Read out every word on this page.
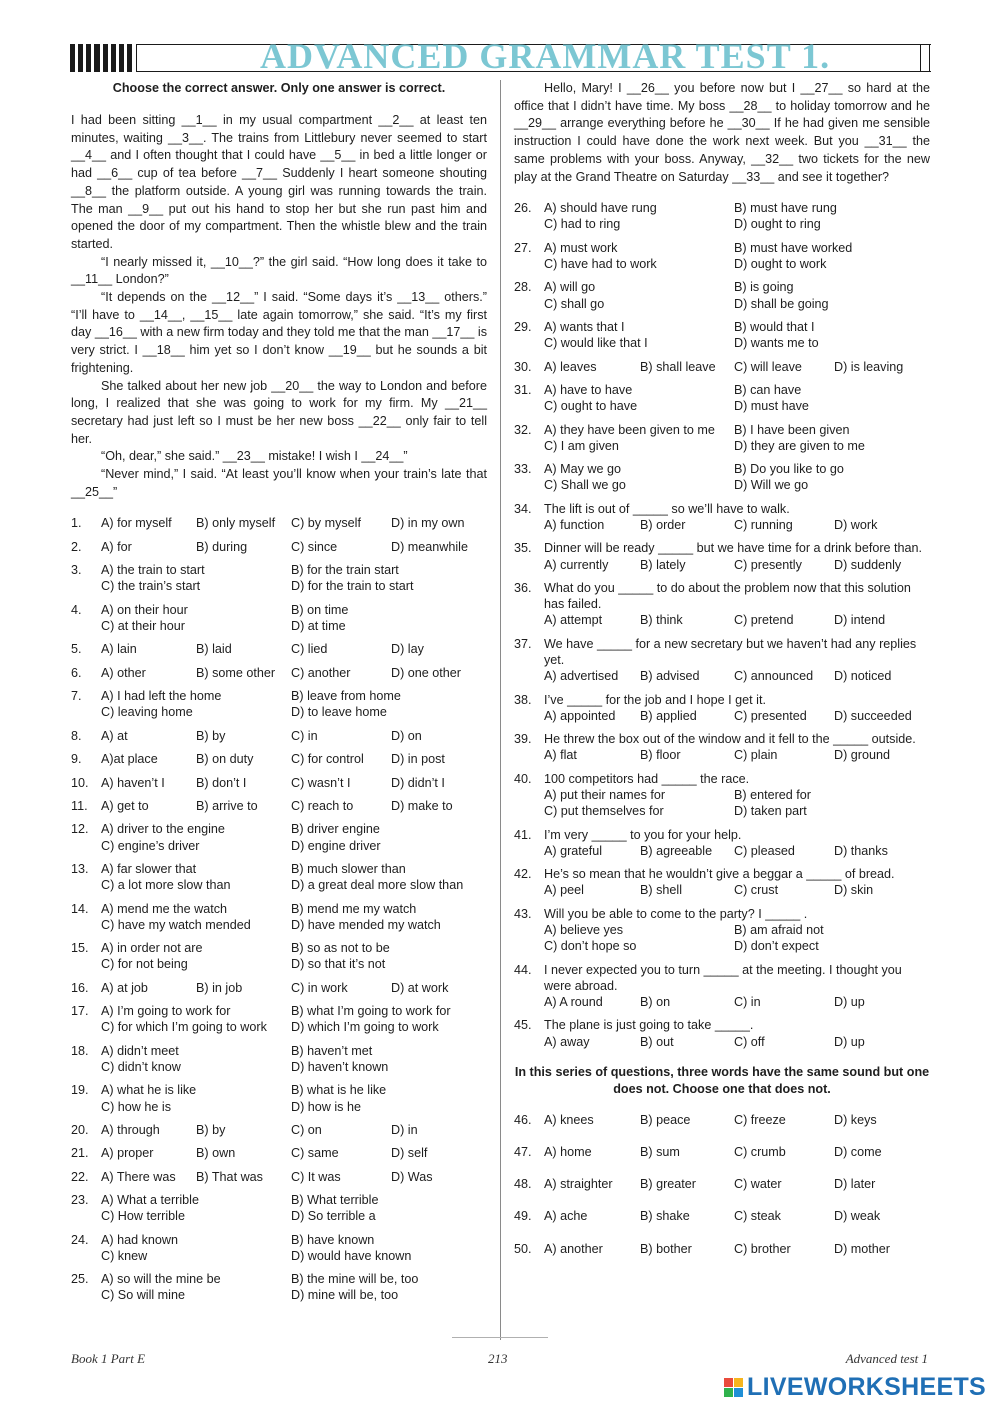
ADVANCED GRAMMAR TEST 1.
Choose the correct answer. Only one answer is correct.

I had been sitting __1__ in my usual compartment __2__ at least ten minutes, waiting __3__. The trains from Littlebury never seemed to start __4__ and I often thought that I could have __5__ in bed a little longer or had __6__ cup of tea before __7__ Suddenly I heart someone shouting __8__ the platform outside. A young girl was running towards the train. The man __9__ put out his hand to stop her but she run past him and opened the door of my compartment. Then the whistle blew and the train started.

“I nearly missed it, __10__?” the girl said. “How long does it take to __11__ London?”

“It depends on the __12__” I said. “Some days it’s __13__ others.” “I’ll have to __14__, __15__ late again tomorrow,” she said. “It’s my first day __16__ with a new firm today and they told me that the man __17__ is very strict. I __18__ him yet so I don’t know __19__ but he sounds a bit frightening.

She talked about her new job __20__ the way to London and before long, I realized that she was going to work for my firm. My __21__ secretary had just left so I must be her new boss __22__ only fair to tell her.

“Oh, dear,” she said.” __23__ mistake! I wish I __24__”

“Never mind,” I said. “At least you’ll know when your train’s late that __25__”

1.	A) for myself	B) only myself	C) by myself	D) in my own
2.	A) for	B) during	C) since	D) meanwhile
3.	A) the train to start	B) for the train start
C) the train’s start	D) for the train to start
4.	A) on their hour	B) on time
C) at their hour	D) at time
5.	A) lain	B) laid	C) lied	D) lay
6.	A) other	B) some other	C) another	D) one other
7.	A) I had left the home	B) leave from home
C) leaving home	D) to leave home
8.	A) at	B) by	C) in	D) on
9.	A)at place	B) on duty	C) for control	D) in post
10. A) haven’t I	B) don’t I	C) wasn’t I	D) didn’t I
11.	A) get to	B) arrive to	C) reach to	D) make to
12. A) driver to the engine	B) driver engine
C) engine’s driver	D) engine driver
13. A) far slower that	B) much slower than
C) a lot more slow than	D) a great deal more slow than
14. A) mend me the watch	B) mend me my watch
C) have my watch mended	D) have mended my watch
15. A) in order not are	B) so as not to be
C) for not being	D) so that it’s not
16. A) at job	B) in job	C) in work	D) at work
17. A) I’m going to work for	B) what I’m going to work for
C) for which I’m going to work	D) which I’m going to work
18. A) didn’t meet	B) haven’t met
C) didn’t know	D) haven’t known
19. A) what he is like	B) what is he like
C) how he is	D) how is he
20. A) through	B) by	C) on	D) in
21. A) proper	B) own	C) same	D) self
22. A) There was	B) That was	C) It was	D) Was
23. A) What a terrible	B) What terrible
C) How terrible	D) So terrible a
24. A) had known	B) have known
C) knew	D) would have known
25. A) so will the mine be	B) the mine will be, too
C) So will mine	D) mine will be, too

Hello, Mary! I __26__ you before now but I __27__ so hard at the office that I didn’t have time. My boss __28__ to holiday tomorrow and he __29__ arrange everything before he __30__ If he had given me sensible instruction I could have done the work next week. But you __31__ the same problems with your boss. Anyway, __32__ two tickets for the new play at the Grand Theatre on Saturday __33__ and see it together?

26. A) should have rung	B) must have rung
C) had to ring	D) ought to ring
27. A) must work	B) must have worked
C) have had to work	D) ought to work
28. A) will go	B) is going
C) shall go	D) shall be going
29. A) wants that I	B) would that I
C) would like that I	D) wants me to
30. A) leaves	B) shall leave	C) will leave	D) is leaving
31. A) have to have	B) can have
C) ought to have	D) must have
32. A) they have been given to me	B) I have been given
C) I am given	D) they are given to me
33. A) May we go	B) Do you like to go
C) Shall we go	D) Will we go
34. The lift is out of _____ so we’ll have to walk.
A) function	B) order	C) running	D) work
35. Dinner will be ready _____ but we have time for a drink before than.
A) currently	B) lately	C) presently	D) suddenly
36. What do you _____ to do about the problem now that this solution has failed.
A) attempt	B) think	C) pretend	D) intend
37. We have _____ for a new secretary but we haven’t had any replies yet.
A) advertised	B) advised	C) announced	D) noticed
38. I’ve _____ for the job and I hope I get it.
A) appointed	B) applied	C) presented	D) succeeded
39. He threw the box out of the window and it fell to the _____ outside.
A) flat	B) floor	C) plain	D) ground
40. 100 competitors had _____ the race.
A) put their names for	B) entered for
C) put themselves for	D) taken part
41. I’m very _____ to you for your help.
A) grateful	B) agreeable	C) pleased	D) thanks
42. He’s so mean that he wouldn’t give a beggar a _____ of bread.
A) peel	B) shell	C) crust	D) skin
43. Will you be able to come to the party? I _____ .
A) believe yes	B) am afraid not
C) don’t hope so	D) don’t expect
44. I never expected you to turn _____ at the meeting. I thought you were abroad.
A) A round	B) on	C) in	D) up
45. The plane is just going to take _____.
A) away	B) out	C) off	D) up
In this series of questions, three words have the same sound but one does not. Choose one that does not.
46. A) knees	B) peace	C) freeze	D) keys
47. A) home	B) sum	C) crumb	D) come
48. A) straighter	B) greater	C) water	D) later
49. A) ache	B) shake	C) steak	D) weak
50. A) another	B) bother	C) brother	D) mother
Book 1 Part E	213	Advanced test 1
LIVEWORKSHEETS
